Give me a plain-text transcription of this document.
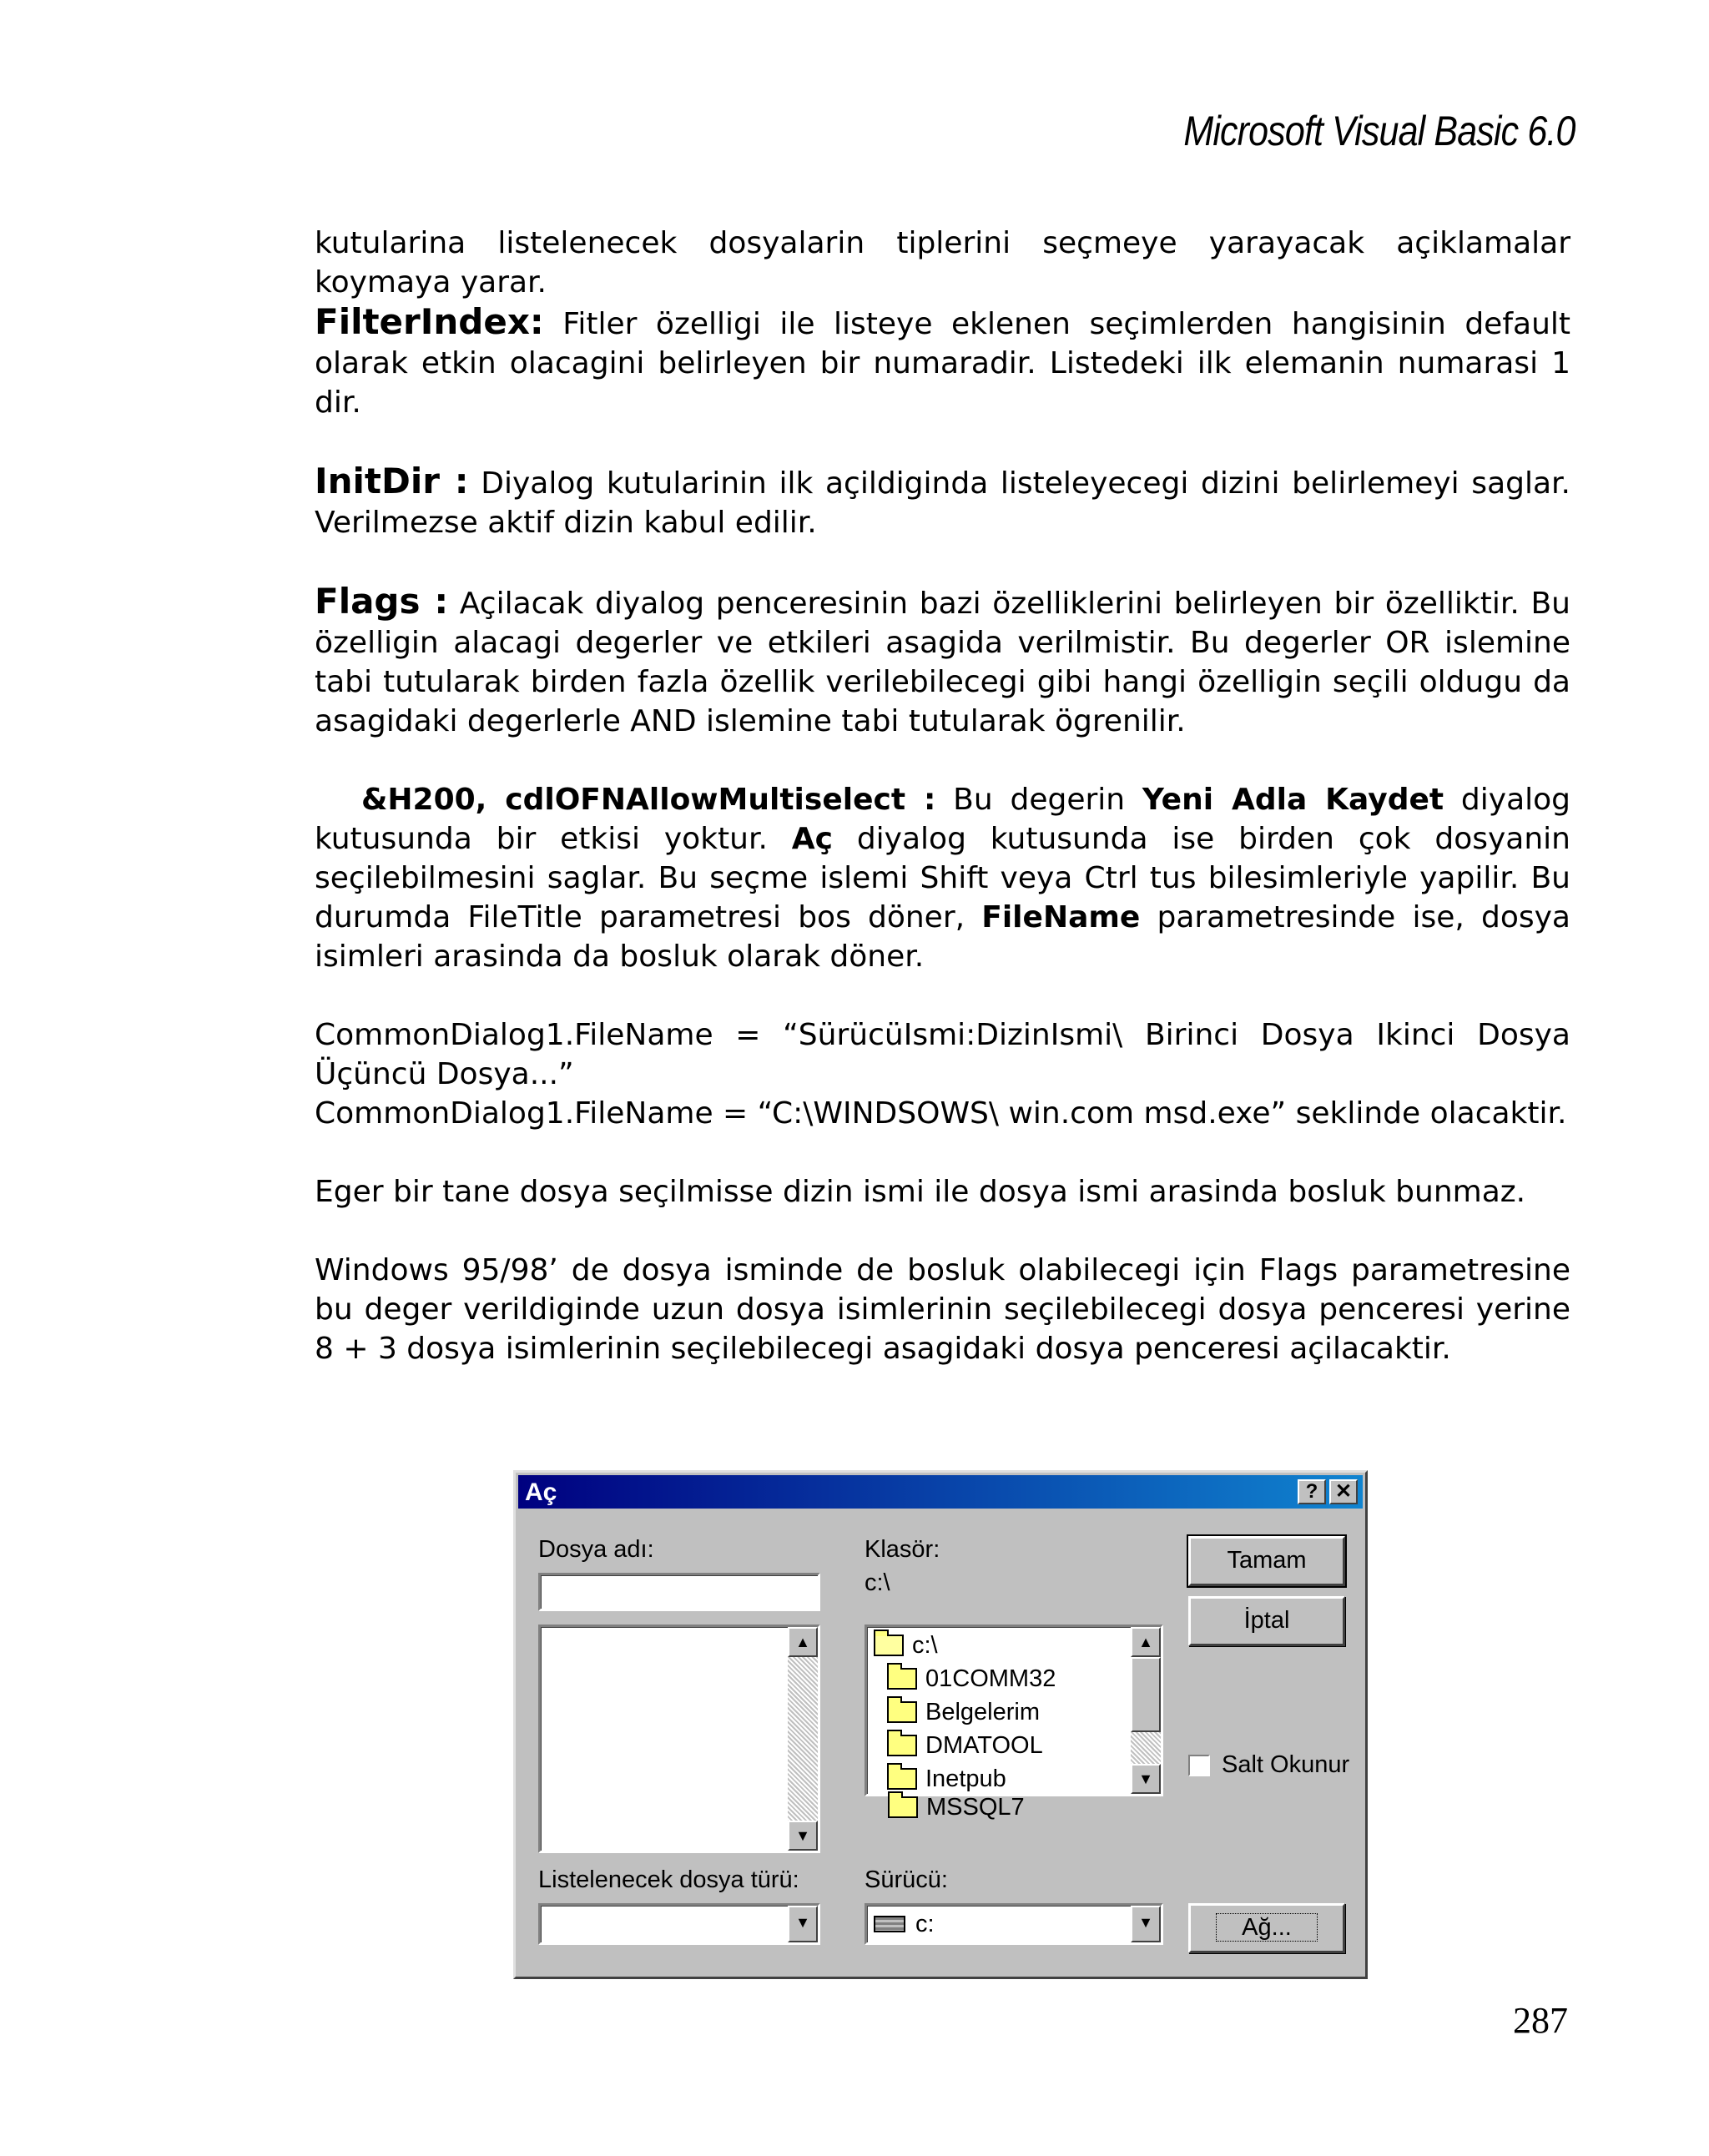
Microsoft Visual Basic 6.0

kutularina listelenecek dosyalarin tiplerini seçmeye yarayacak açiklamalar koymaya yarar.

FilterIndex: Fitler özelligi ile listeye eklenen seçimlerden hangisinin default olarak etkin olacagini belirleyen bir numaradir. Listedeki ilk elemanin numarasi 1 dir.

InitDir : Diyalog kutularinin ilk açildiginda listeleyecegi dizini belirlemeyi saglar. Verilmezse aktif dizin kabul edilir.

Flags : Açilacak diyalog penceresinin bazi özelliklerini belirleyen bir özelliktir. Bu özelligin alacagi degerler ve etkileri asagida verilmistir. Bu degerler OR islemine tabi tutularak birden fazla özellik verilebilecegi gibi hangi özelligin seçili oldugu da asagidaki degerlerle AND islemine tabi tutularak ögrenilir.

&H200, cdlOFNAllowMultiselect : Bu degerin Yeni Adla Kaydet diyalog kutusunda bir etkisi yoktur. Aç diyalog kutusunda ise birden çok dosyanin seçilebilmesini saglar. Bu seçme islemi Shift veya Ctrl tus bilesimleriyle yapilir. Bu durumda FileTitle parametresi bos döner, FileName parametresinde ise, dosya isimleri arasinda da bosluk olarak döner.

CommonDialog1.FileName = “SürücüIsmi:DizinIsmi\ Birinci Dosya Ikinci Dosya Üçüncü Dosya...”

CommonDialog1.FileName = “C:\WINDSOWS\ win.com msd.exe” seklinde olacaktir.

Eger bir tane dosya seçilmisse dizin ismi ile dosya ismi arasinda bosluk bunmaz.

Windows 95/98’ de dosya isminde de bosluk olabilecegi için Flags parametresine bu deger verildiginde uzun dosya isimlerinin seçilebilecegi dosya penceresi yerine 8 + 3 dosya isimlerinin seçilebilecegi asagidaki dosya penceresi açilacaktir.

Aç	? ✕
Dosya adı:
▲
▼
Listelenecek dosya türü:
▼
Klasör:
c:\
c:\
01COMM32
Belgelerim
DMATOOL
Inetpub
▲
▼
MSSQL7
Sürücü:
c:	▼
Tamam
İptal
Salt Okunur
Ağ...
287
